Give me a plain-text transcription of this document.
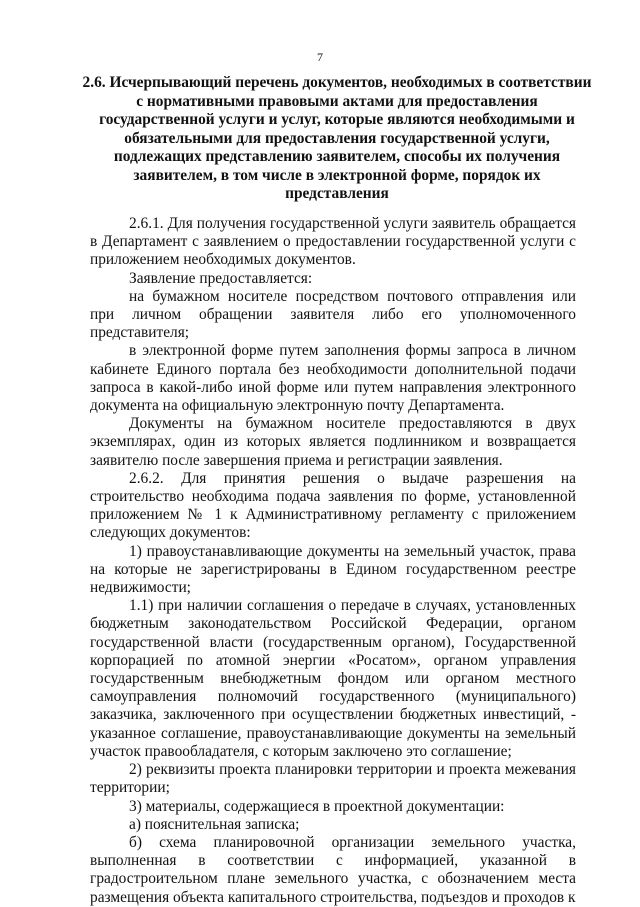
7
2.6. Исчерпывающий перечень документов, необходимых в соответствии с нормативными правовыми актами для предоставления государственной услуги и услуг, которые являются необходимыми и обязательными для предоставления государственной услуги, подлежащих представлению заявителем, способы их получения заявителем, в том числе в электронной форме, порядок их представления

2.6.1. Для получения государственной услуги заявитель обращается в Департамент с заявлением о предоставлении государственной услуги с приложением необходимых документов.

Заявление предоставляется:

на бумажном носителе посредством почтового отправления или при личном обращении заявителя либо его уполномоченного представителя;

в электронной форме путем заполнения формы запроса в личном кабинете Единого портала без необходимости дополнительной подачи запроса в какой-либо иной форме или путем направления электронного документа на официальную электронную почту Департамента.

Документы на бумажном носителе предоставляются в двух экземплярах, один из которых является подлинником и возвращается заявителю после завершения приема и регистрации заявления.

2.6.2. Для принятия решения о выдаче разрешения на строительство необходима подача заявления по форме, установленной приложением № 1 к Административному регламенту с приложением следующих документов:

1) правоустанавливающие документы на земельный участок, права на которые не зарегистрированы в Едином государственном реестре недвижимости;

1.1) при наличии соглашения о передаче в случаях, установленных бюджетным законодательством Российской Федерации, органом государственной власти (государственным органом), Государственной корпорацией по атомной энергии «Росатом», органом управления государственным внебюджетным фондом или органом местного самоуправления полномочий государственного (муниципального) заказчика, заключенного при осуществлении бюджетных инвестиций, - указанное соглашение, правоустанавливающие документы на земельный участок правообладателя, с которым заключено это соглашение;

2) реквизиты проекта планировки территории и проекта межевания территории;

3) материалы, содержащиеся в проектной документации:

а) пояснительная записка;

б) схема планировочной организации земельного участка, выполненная в соответствии с информацией, указанной в градостроительном плане земельного участка, с обозначением места размещения объекта капитального строительства, подъездов и проходов к
